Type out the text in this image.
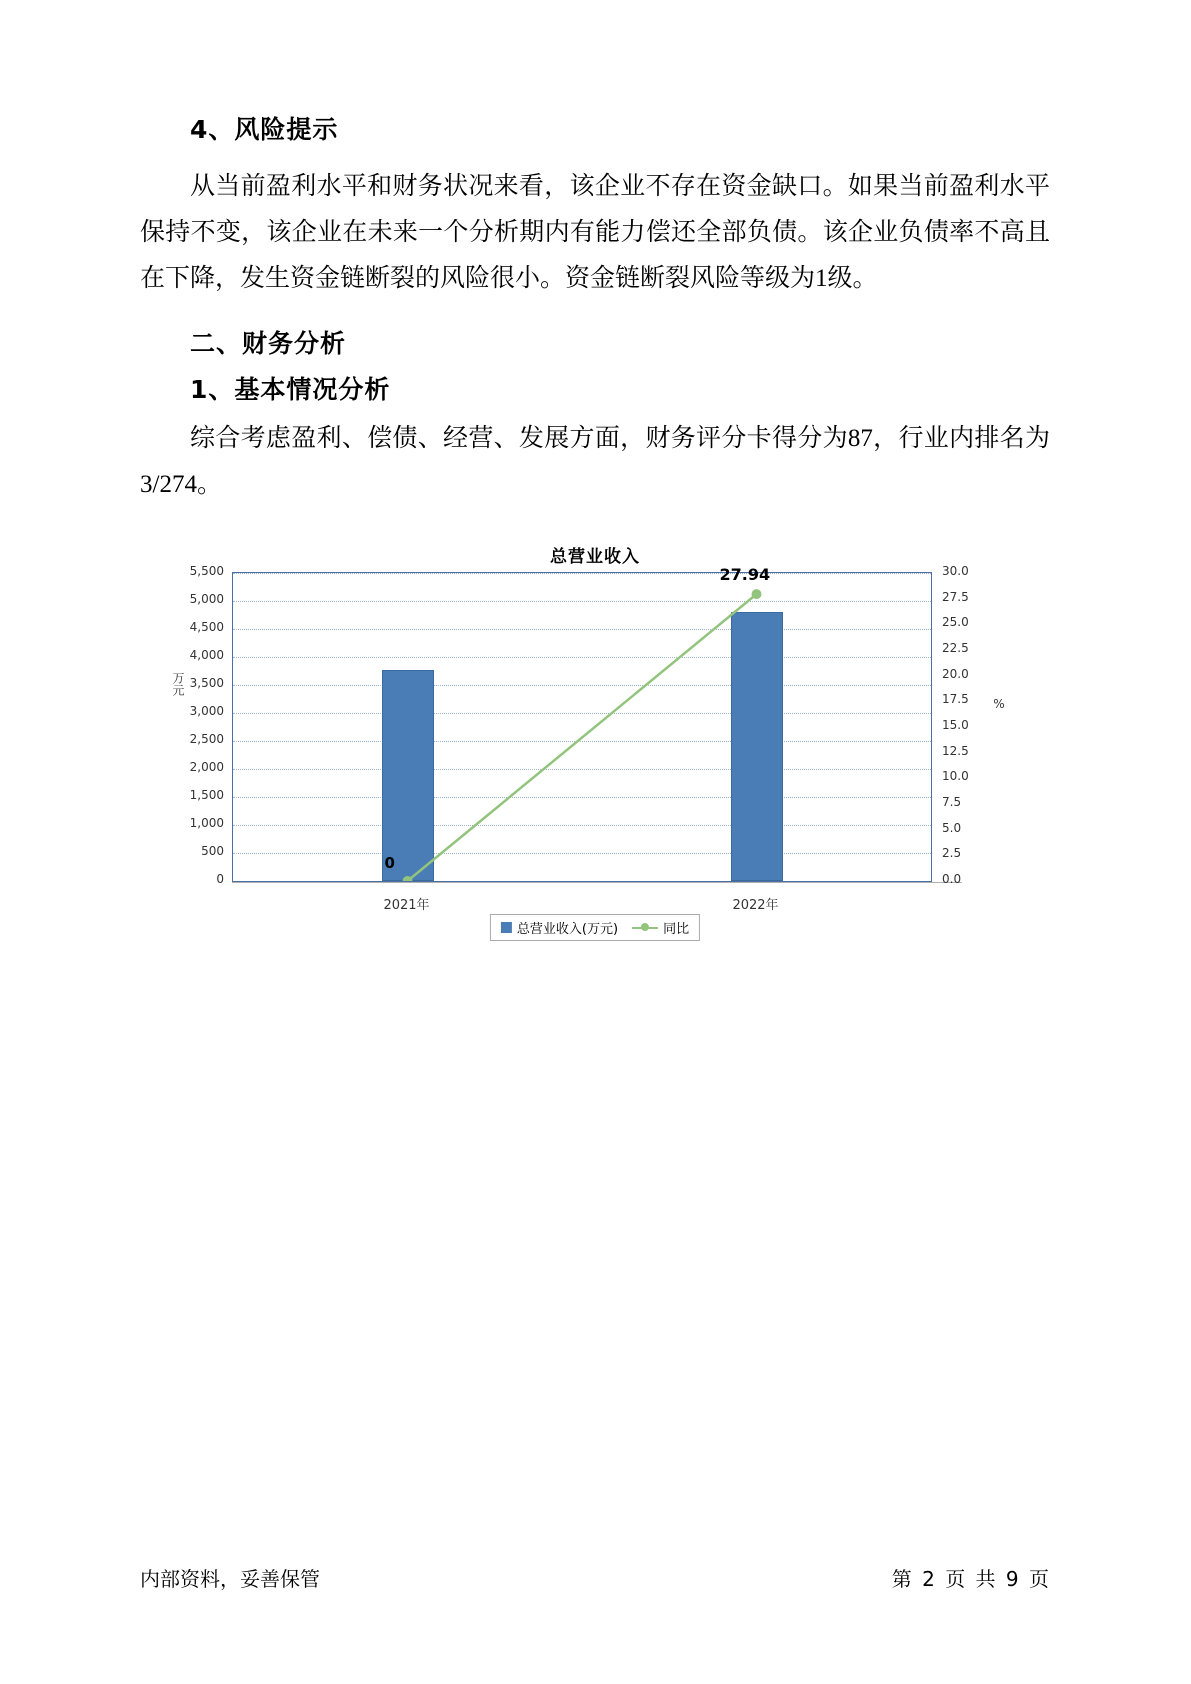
4、风险提示

从当前盈利水平和财务状况来看，该企业不存在资金缺口。如果当前盈利水平保持不变，该企业在未来一个分析期内有能力偿还全部负债。该企业负债率不高且在下降，发生资金链断裂的风险很小。资金链断裂风险等级为1级。

二、财务分析
1、基本情况分析

综合考虑盈利、偿债、经营、发展方面，财务评分卡得分为87，行业内排名为3/274。

总营业收入
万元
%
0
500
1,000
1,500
2,000
2,500
3,000
3,500
4,000
4,500
5,000
5,500
0.0
2.5
5.0
7.5
10.0
12.5
15.0
17.5
20.0
22.5
25.0
27.5
30.0
2021年	2022年
总营业收入(万元)	同比
0
27.94
内部资料，妥善保管	第 2 页 共 9 页
